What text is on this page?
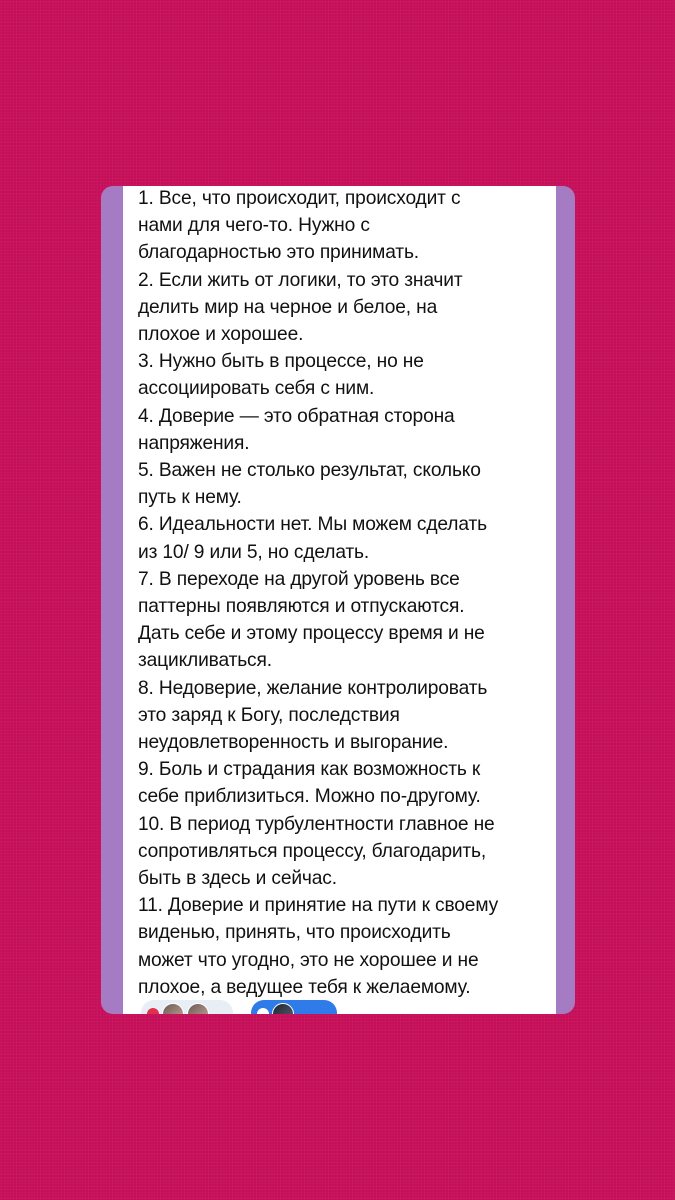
1. Все, что происходит, происходит с
нами для чего-то. Нужно с
благодарностью это принимать.
2. Если жить от логики, то это значит
делить мир на черное и белое, на
плохое и хорошее.
3. Нужно быть в процессе, но не
ассоциировать себя с ним.
4. Доверие — это обратная сторона
напряжения.
5. Важен не столько результат, сколько
путь к нему.
6. Идеальности нет. Мы можем сделать
из 10/ 9 или 5, но сделать.
7. В переходе на другой уровень все
паттерны появляются и отпускаются.
Дать себе и этому процессу время и не
зацикливаться.
8. Недоверие, желание контролировать
это заряд к Богу, последствия
неудовлетворенность и выгорание.
9. Боль и страдания как возможность к
себе приблизиться. Можно по-другому.
10. В период турбулентности главное не
сопротивляться процессу, благодарить,
быть в здесь и сейчас.
11. Доверие и принятие на пути к своему
виденью, принять, что происходить
может что угодно, это не хорошее и не
плохое, а ведущее тебя к желаемому.
